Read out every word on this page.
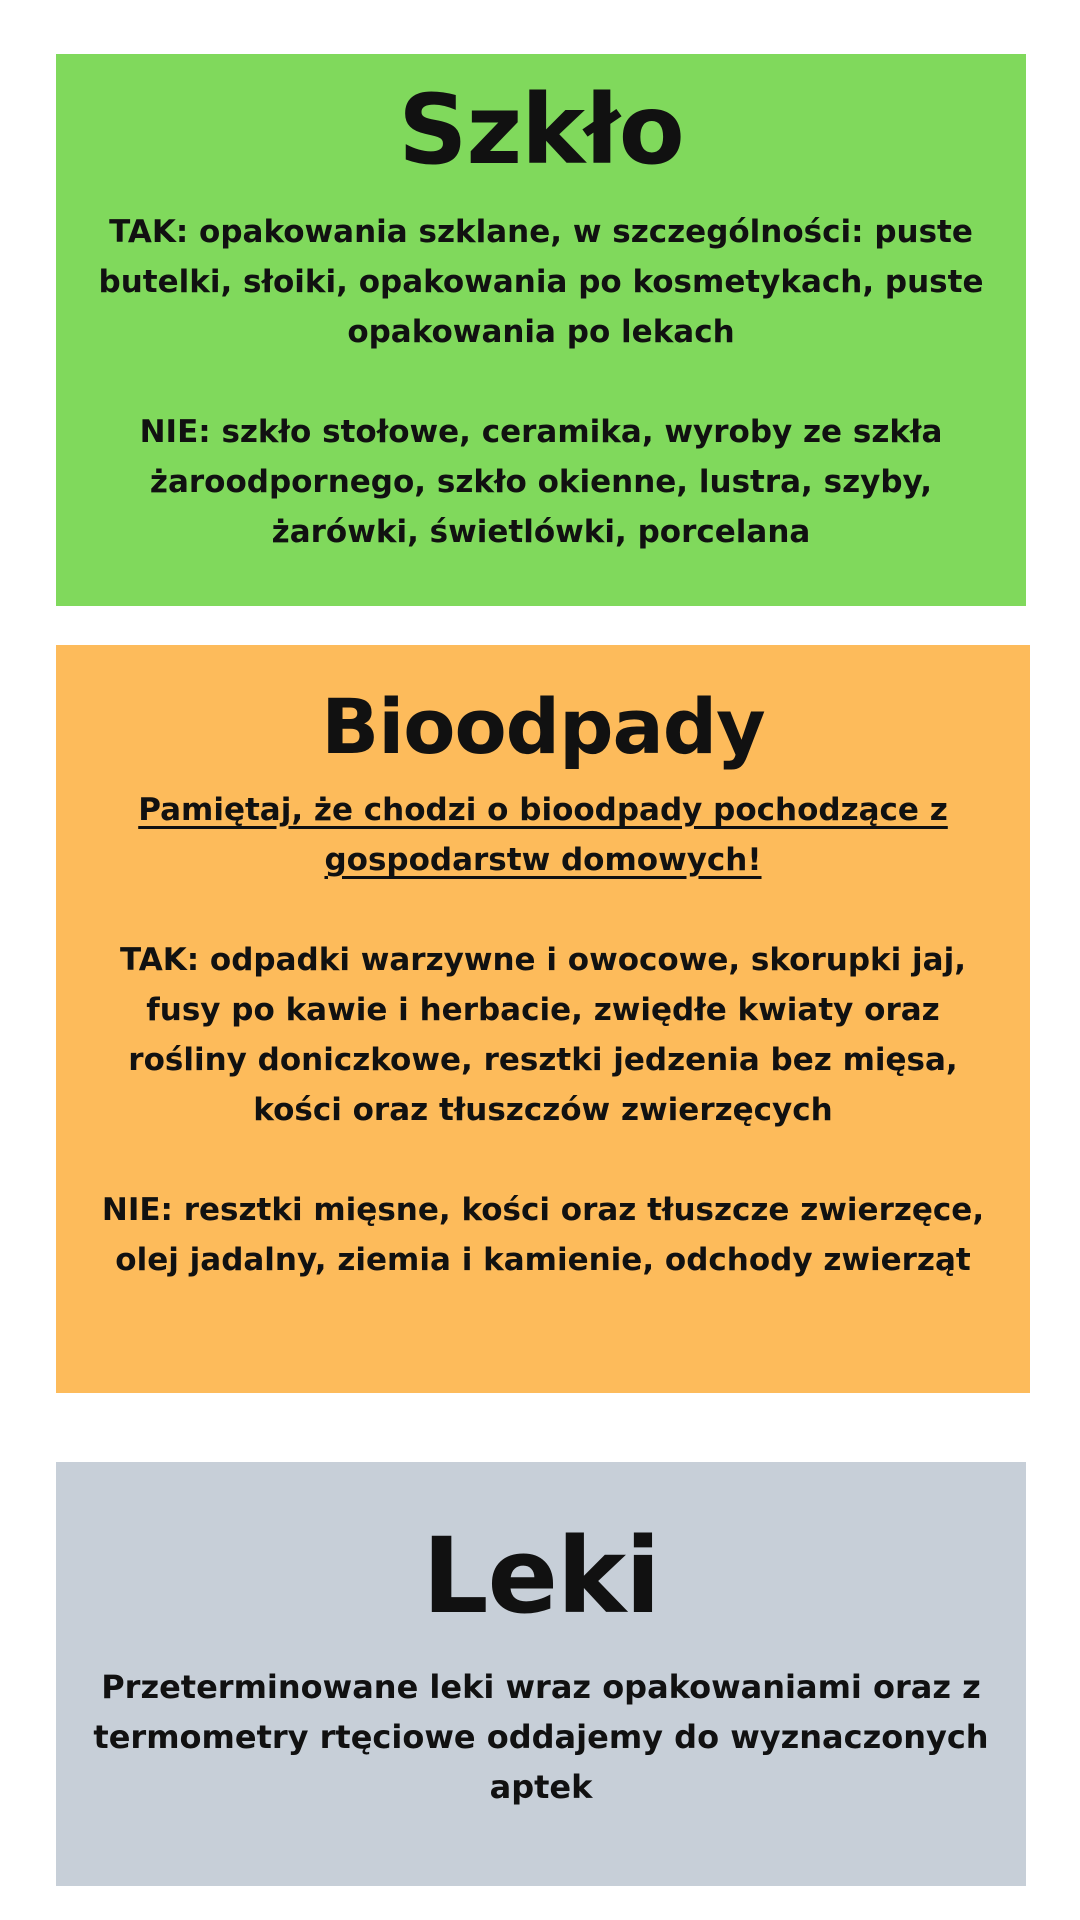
Szkło
TAK: opakowania szklane, w szczególności: puste butelki, słoiki, opakowania po kosmetykach, puste opakowania po lekach
NIE: szkło stołowe, ceramika, wyroby ze szkła żaroodpornego, szkło okienne, lustra, szyby, żarówki, świetlówki, porcelana
Bioodpady
Pamiętaj, że chodzi o bioodpady pochodzące z gospodarstw domowych!
TAK: odpadki warzywne i owocowe, skorupki jaj, fusy po kawie i herbacie, zwiędłe kwiaty oraz rośliny doniczkowe, resztki jedzenia bez mięsa, kości oraz tłuszczów zwierzęcych
NIE: resztki mięsne, kości oraz tłuszcze zwierzęce, olej jadalny, ziemia i kamienie, odchody zwierząt
Leki
Przeterminowane leki wraz opakowaniami oraz z termometry rtęciowe oddajemy do wyznaczonych aptek
